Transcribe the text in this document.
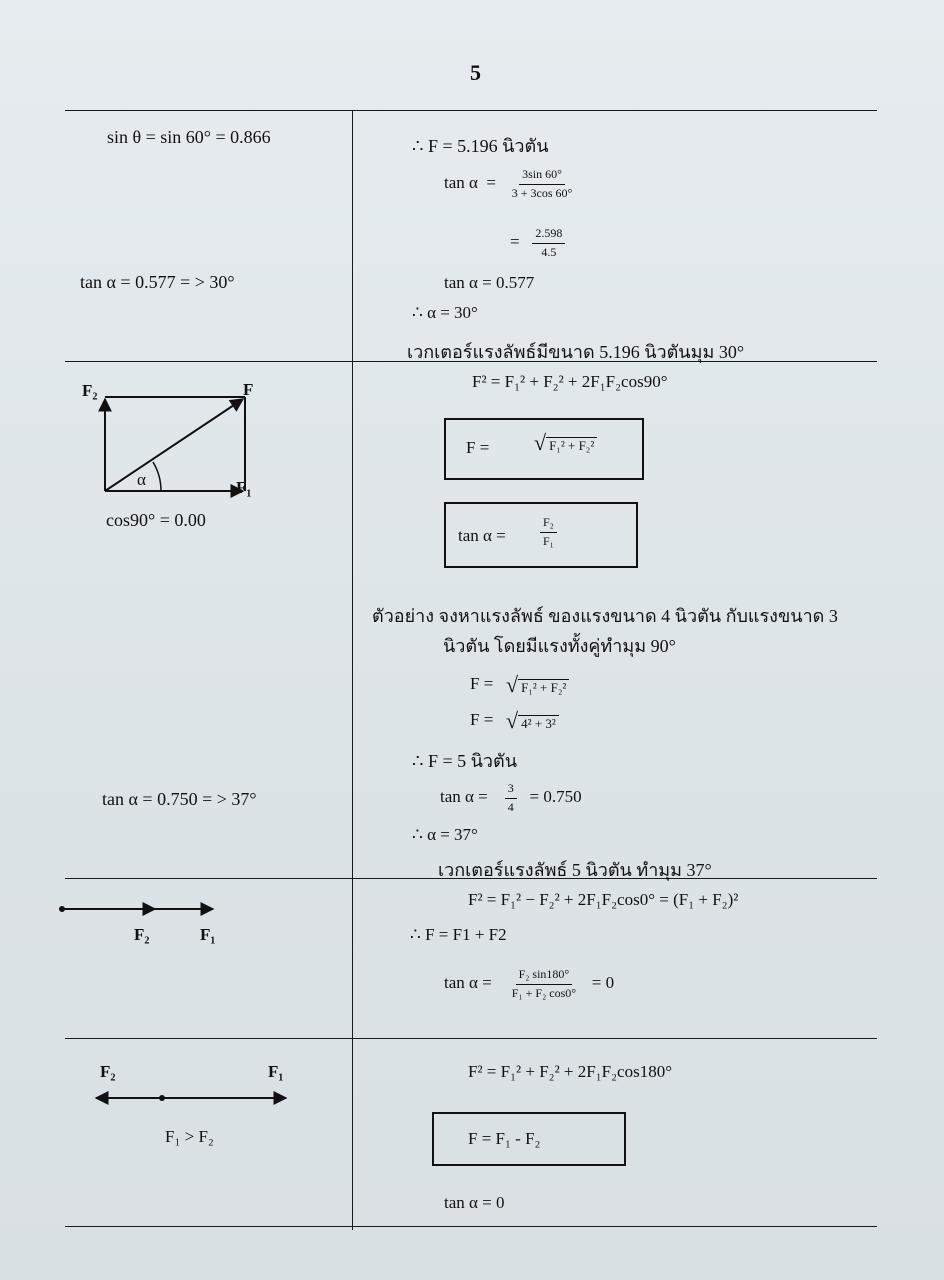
5
sin θ = sin 60° = 0.866
tan α = 0.577 = > 30°
∴ F = 5.196 นิวตัน
$\tan \alpha = \frac{3\sin 60^\circ}{3 + 3\cos 60^\circ}$
= $\frac{2.598}{4.5}$
tan α = 0.577
∴ α = 30°
เวกเตอร์แรงลัพธ์มีขนาด 5.196 นิวตันมุม 30°
F₂	F
F₁
α
cos90° = 0.00
F² = F₁² + F₂² + 2F₁F₂cos90°
F = √ F₁² + F₂²
tan α =	$\frac{\text{F₂}}{\text{F₁}}$
ตัวอย่าง จงหาแรงลัพธ์ ของแรงขนาด 4 นิวตัน กับแรงขนาด 3
นิวตัน โดยมีแรงทั้งคู่ทำมุม 90°
F = √ F₁² + F₂²
F = √ 4² + 3²
∴ F = 5 นิวตัน
tan α = 0.750 = > 37°	$\tan \alpha = \frac{3}{4} = 0.750$
∴ α = 37°
เวกเตอร์แรงลัพธ์ 5 นิวตัน ทำมุม 37°
F₂	F₁
F² = F₁² − F₂² + 2F₁F₂cos0° = (F₁ + F₂)²
∴ F = F1 + F2
$\tan \alpha = \frac{\text{F₂ sin180°}}{\text{F₁ + F₂ cos0°}} = 0$
F₂	F₁
F₁ > F₂
F² = F₁² + F₂² + 2F₁F₂cos180°
F = F₁ - F₂
tan α = 0
